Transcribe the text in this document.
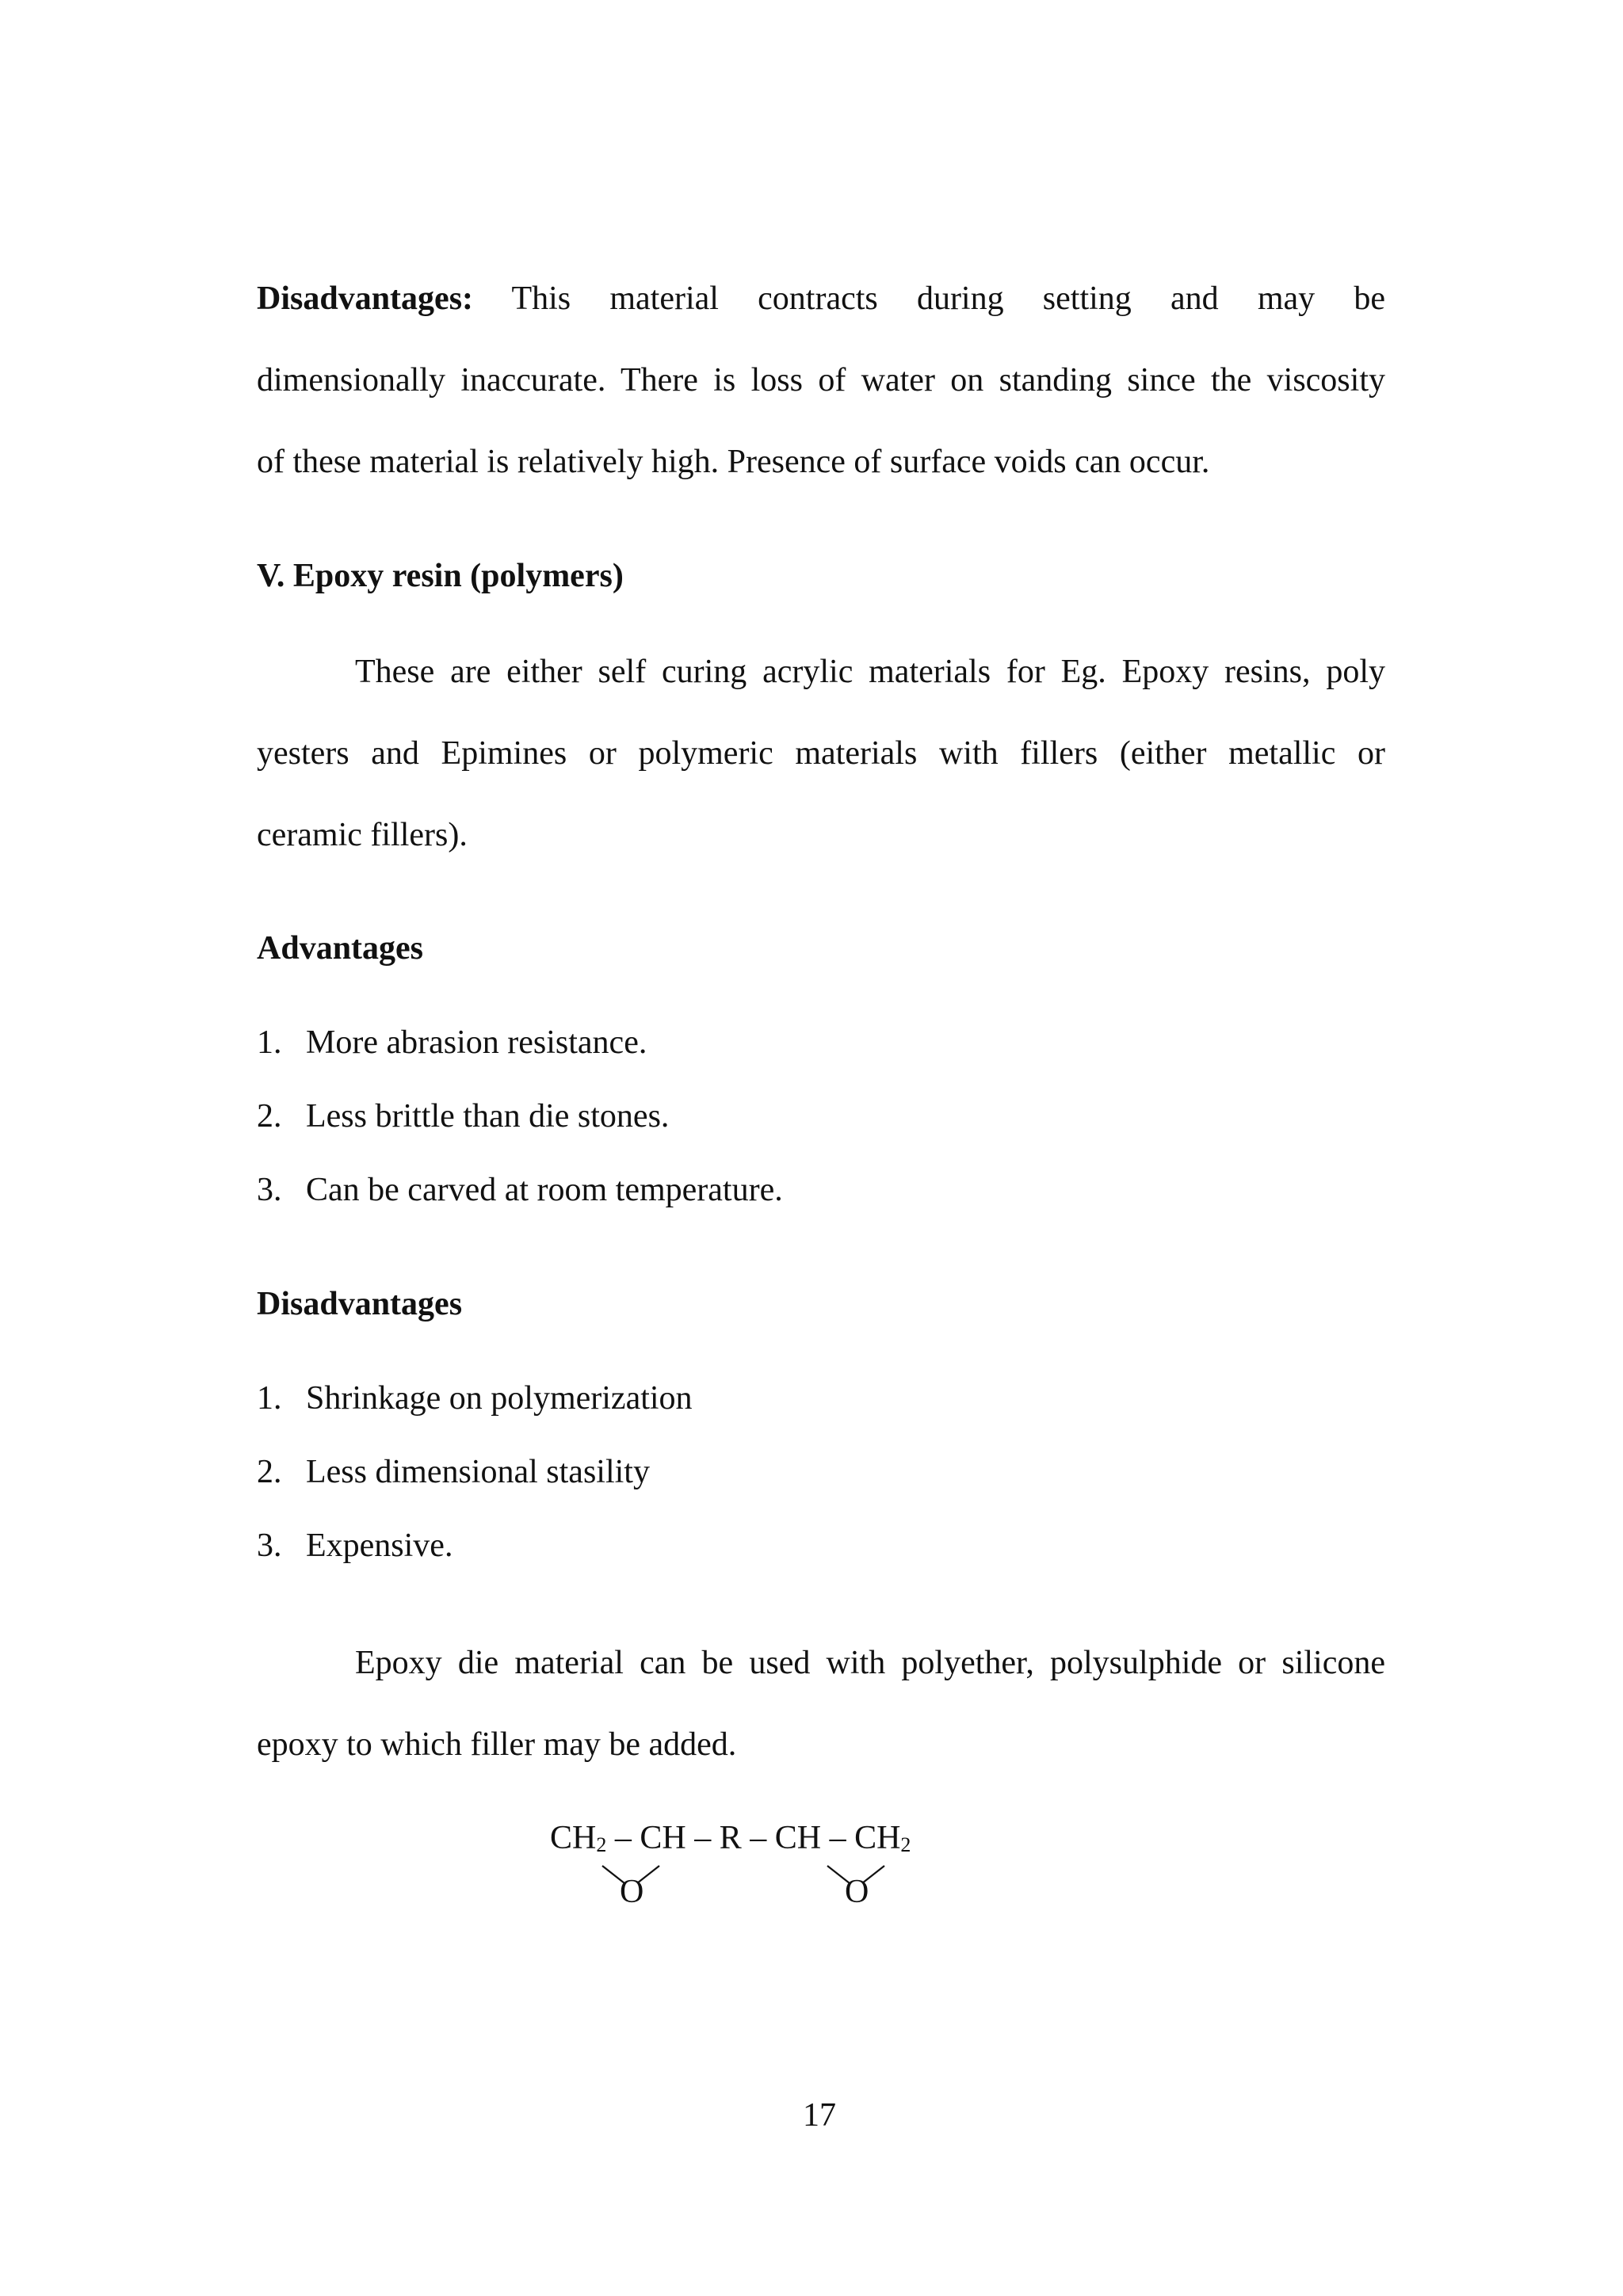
Disadvantages: This material contracts during setting and may be
dimensionally inaccurate. There is loss of water on standing since the viscosity
of these material is relatively high. Presence of surface voids can occur.
V. Epoxy resin (polymers)
These are either self curing acrylic materials for Eg. Epoxy resins, poly
yesters and Epimines or polymeric materials with fillers (either metallic or
ceramic fillers).
Advantages
1. More abrasion resistance.
2. Less brittle than die stones.
3. Can be carved at room temperature.
Disadvantages
1. Shrinkage on polymerization
2. Less dimensional stasility
3. Expensive.
Epoxy die material can be used with polyether, polysulphide or silicone
epoxy to which filler may be added.
$CH_2$ – CH – R – CH – $CH_2$
O	O
17
